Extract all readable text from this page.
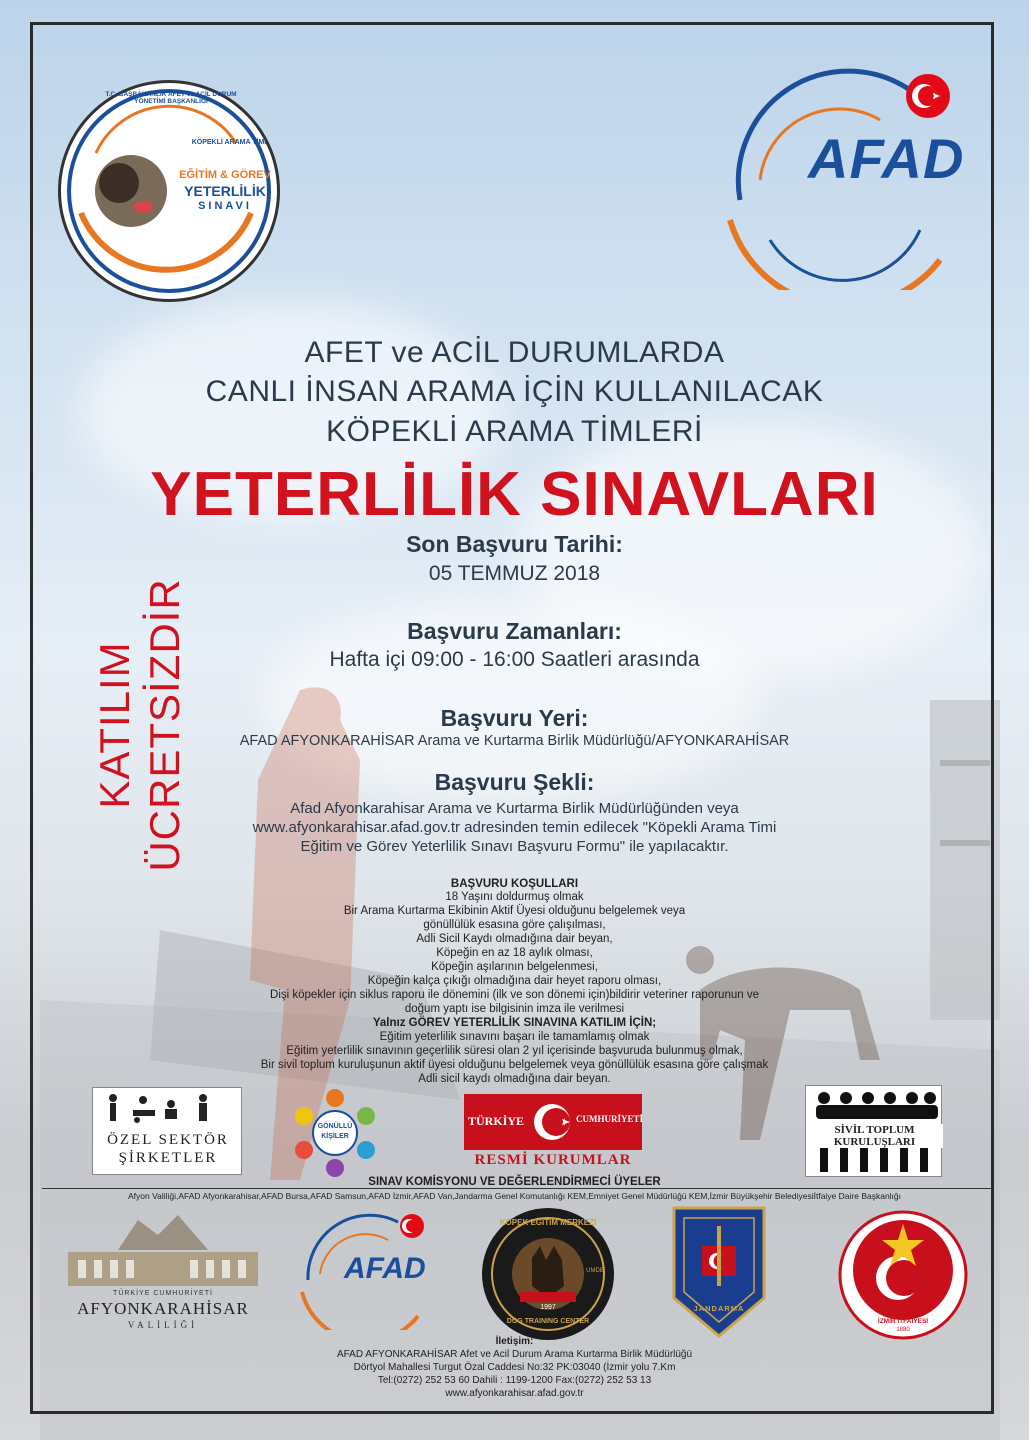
EĞİTİM & GÖREV
YETERLİLİK
SINAVI
T.C. BAŞBAKANLIK AFET ve ACİL DURUM YÖNETİMİ BAŞKANLIĞI
KÖPEKLİ ARAMA TİMİ	AFAD
AFET ve ACİL DURUMLARDA
CANLI İNSAN ARAMA İÇİN KULLANILACAK
KÖPEKLİ ARAMA TİMLERİ
YETERLİLİK SINAVLARI
KATILIM ÜCRETSİZDİR
Son Başvuru Tarihi:
05 TEMMUZ 2018
Başvuru Zamanları:
Hafta içi 09:00 - 16:00 Saatleri arasında
Başvuru Yeri:
AFAD AFYONKARAHİSAR Arama ve Kurtarma Birlik Müdürlüğü/AFYONKARAHİSAR
Başvuru Şekli:
Afad Afyonkarahisar Arama ve Kurtarma Birlik Müdürlüğünden veya
www.afyonkarahisar.afad.gov.tr adresinden temin edilecek "Köpekli Arama Timi
Eğitim ve Görev Yeterlilik Sınavı Başvuru Formu" ile yapılacaktır.
BAŞVURU KOŞULLARI
18 Yaşını doldurmuş olmak
Bir Arama Kurtarma Ekibinin Aktif Üyesi olduğunu belgelemek veya
gönüllülük esasına göre çalışılması,
Adli Sicil Kaydı olmadığına dair beyan,
Köpeğin en az 18 aylık olması,
Köpeğin aşılarının belgelenmesi,
Köpeğin kalça çıkığı olmadığına dair heyet raporu olması,
Dişi köpekler için siklus raporu ile dönemini (ilk ve son dönemi için)bildirir veteriner raporunun ve
doğum yaptı ise bilgisinin imza ile verilmesi
Yalnız GÖREV YETERLİLİK SINAVINA KATILIM İÇİN;
Eğitim yeterlilik sınavını başarı ile tamamlamış olmak
Eğitim yeterlilik sınavının geçerlilik süresi olan 2 yıl içerisinde başvuruda bulunmuş olmak,
Bir sivil toplum kuruluşunun aktif üyesi olduğunu belgelemek veya gönüllülük esasına göre çalışmak
Adli sicil kaydı olmadığına dair beyan.
ÖZEL SEKTÖR
ŞİRKETLER
GÖNÜLLÜ
KİŞİLER
TÜRKİYE	CUMHURİYETİ
RESMİ KURUMLAR
SİVİL TOPLUM KURULUŞLARI
SINAV KOMİSYONU VE DEĞERLENDİRMECİ ÜYELER
Afyon Valiliği,AFAD Afyonkarahisar,AFAD Bursa,AFAD Samsun,AFAD İzmir,AFAD Van,Jandarma Genel Komutanlığı KEM,Emniyet Genel Müdürlüğü KEM,İzmir Büyükşehir Belediyesiİtfaiye Daire Başkanlığı
TÜRKİYE CUMHURİYETİ
AFYONKARAHİSAR
VALİLİĞİ
AFAD
KÖPEK EĞİTİM MERKEZİ
DOG TRAINING CENTER
1997
UMDB
JANDARMA
İZMİR İTFAİYESİ
1880
İletişim:
AFAD AFYONKARAHİSAR Afet ve Acil Durum Arama Kurtarma Birlik Müdürlüğü
Dörtyol Mahallesi Turgut Özal Caddesi No:32 PK:03040 (İzmir yolu 7.Km
Tel:(0272) 252 53 60 Dahili : 1199-1200 Fax:(0272) 252 53 13
www.afyonkarahisar.afad.gov.tr
